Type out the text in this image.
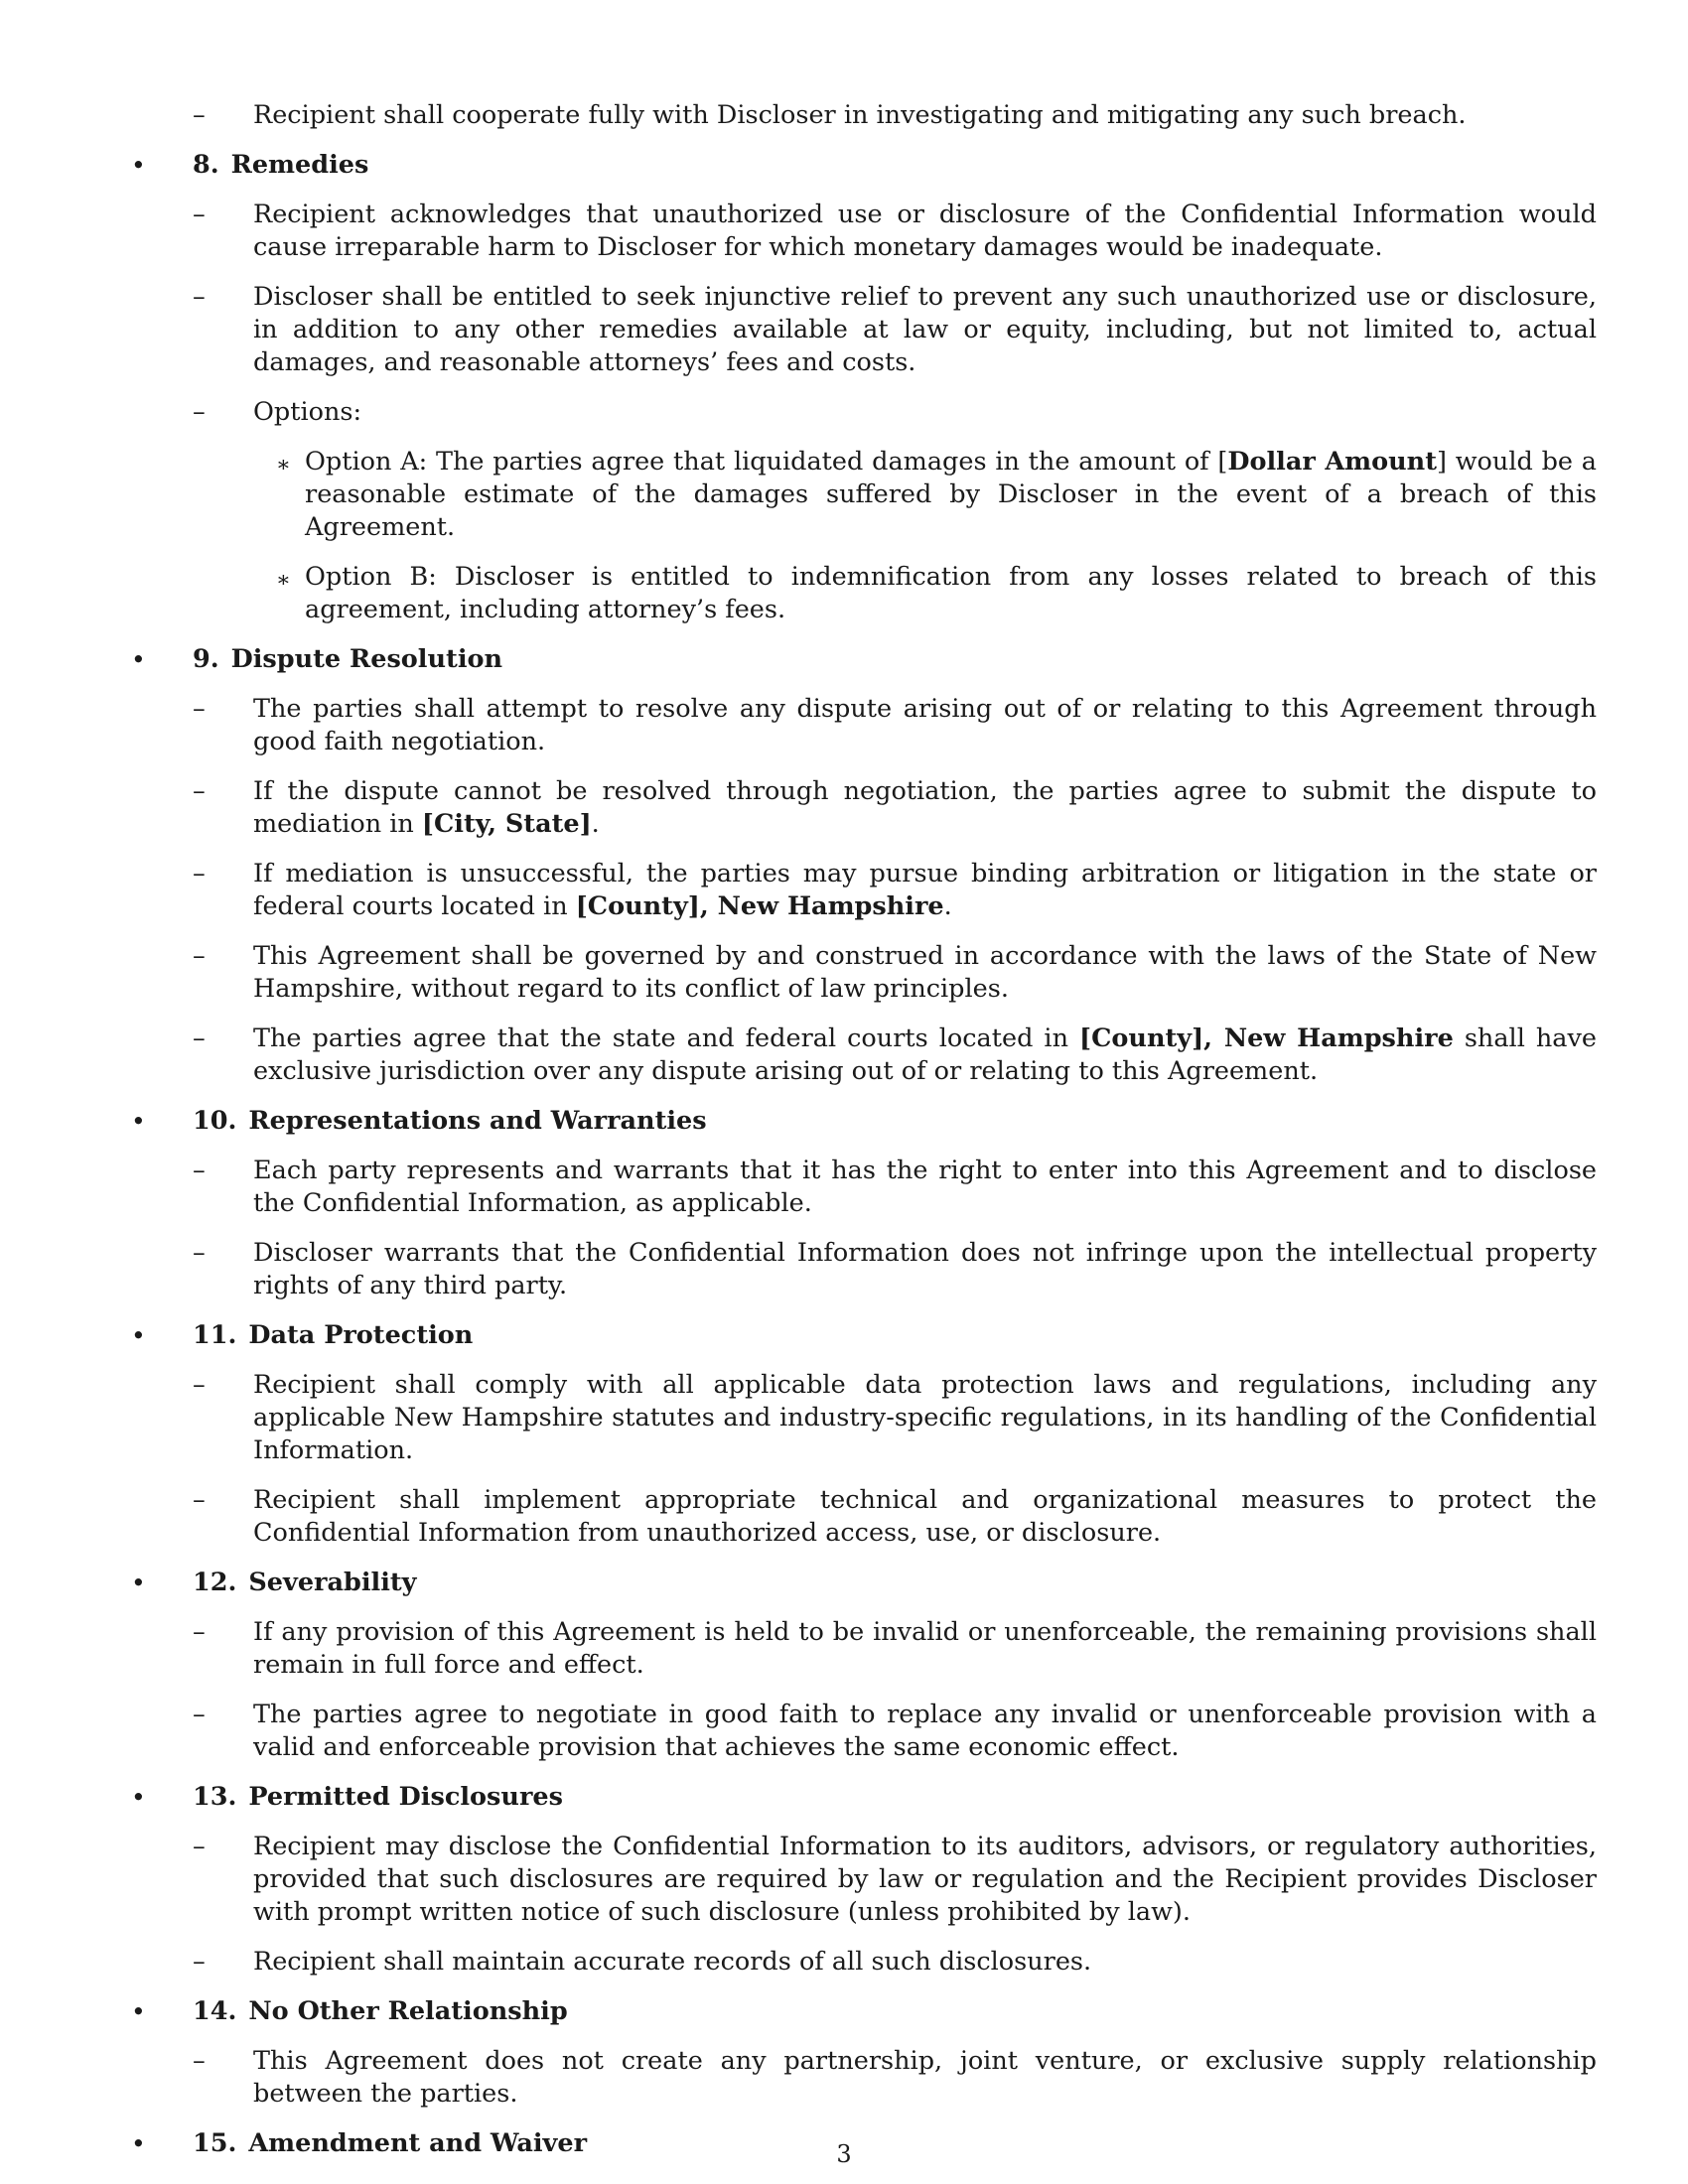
– Recipient shall cooperate fully with Discloser in investigating and mitigating any such breach.
• 8. Remedies
– Recipient acknowledges that unauthorized use or disclosure of the Confidential Information would cause irreparable harm to Discloser for which monetary damages would be inadequate.
– Discloser shall be entitled to seek injunctive relief to prevent any such unauthorized use or disclosure, in addition to any other remedies available at law or equity, including, but not limited to, actual damages, and reasonable attorneys’ fees and costs.
– Options:
∗ Option A: The parties agree that liquidated damages in the amount of [Dollar Amount] would be a reasonable estimate of the damages suffered by Discloser in the event of a breach of this Agreement.
∗ Option B: Discloser is entitled to indemnification from any losses related to breach of this agreement, including attorney’s fees.
• 9. Dispute Resolution
– The parties shall attempt to resolve any dispute arising out of or relating to this Agreement through good faith negotiation.
– If the dispute cannot be resolved through negotiation, the parties agree to submit the dispute to mediation in [City, State].
– If mediation is unsuccessful, the parties may pursue binding arbitration or litigation in the state or federal courts located in [County], New Hampshire.
– This Agreement shall be governed by and construed in accordance with the laws of the State of New Hampshire, without regard to its conflict of law principles.
– The parties agree that the state and federal courts located in [County], New Hampshire shall have exclusive jurisdiction over any dispute arising out of or relating to this Agreement.
• 10. Representations and Warranties
– Each party represents and warrants that it has the right to enter into this Agreement and to disclose the Confidential Information, as applicable.
– Discloser warrants that the Confidential Information does not infringe upon the intellectual property rights of any third party.
• 11. Data Protection
– Recipient shall comply with all applicable data protection laws and regulations, including any applicable New Hampshire statutes and industry-specific regulations, in its handling of the Confidential Information.
– Recipient shall implement appropriate technical and organizational measures to protect the Confidential Information from unauthorized access, use, or disclosure.
• 12. Severability
– If any provision of this Agreement is held to be invalid or unenforceable, the remaining provisions shall remain in full force and effect.
– The parties agree to negotiate in good faith to replace any invalid or unenforceable provision with a valid and enforceable provision that achieves the same economic effect.
• 13. Permitted Disclosures
– Recipient may disclose the Confidential Information to its auditors, advisors, or regulatory authorities, provided that such disclosures are required by law or regulation and the Recipient provides Discloser with prompt written notice of such disclosure (unless prohibited by law).
– Recipient shall maintain accurate records of all such disclosures.
• 14. No Other Relationship
– This Agreement does not create any partnership, joint venture, or exclusive supply relationship between the parties.
• 15. Amendment and Waiver	3
